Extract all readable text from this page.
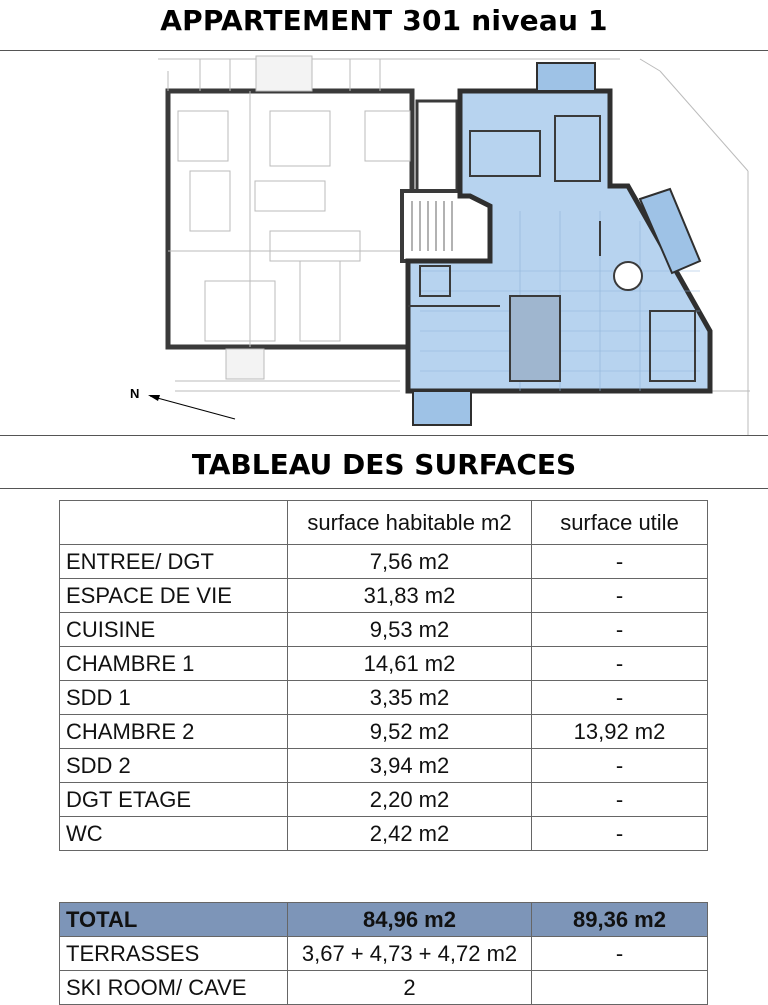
APPARTEMENT 301 niveau 1
N
TABLEAU DES SURFACES
	surface habitable m2	surface utile
ENTREE/ DGT	7,56 m2	-
ESPACE DE VIE	31,83 m2	-
CUISINE	9,53 m2	-
CHAMBRE 1	14,61 m2	-
SDD 1	3,35 m2	-
CHAMBRE 2	9,52 m2	13,92 m2
SDD 2	3,94 m2	-
DGT ETAGE	2,20 m2	-
WC	2,42 m2	-
TOTAL	84,96 m2	89,36 m2
TERRASSES	3,67 + 4,73 + 4,72 m2	-
SKI ROOM/ CAVE	2	
